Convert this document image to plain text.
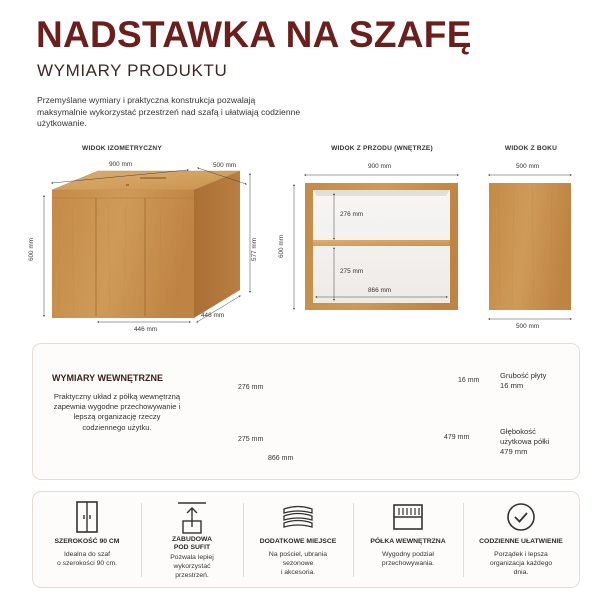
NADSTAWKA NA SZAFĘ
WYMIARY PRODUKTU
Przemyślane wymiary i praktyczna konstrukcja pozwalają maksymalnie wykorzystać przestrzeń nad szafą i ułatwiają codzienne użytkowanie.
WIDOK IZOMETRYCZNY	WIDOK Z PRZODU (WNĘTRZE)	WIDOK Z BOKU
900 mm	500 mm
600 mm	577 mm
446 mm
446 mm
900 mm
600 mm
276 mm
275 mm
866 mm
500 mm
500 mm
WYMIARY WEWNĘTRZNE
Praktyczny układ z półką wewnętrzną zapewnia wygodne przechowywanie i lepszą organizację rzeczy codziennego użytku.
276 mm
275 mm
866 mm
16 mm
479 mm
Grubość płyty
16 mm
Głębokość
użytkowa półki
479 mm
SZEROKOŚĆ 90 CM
Idealna do szaf
o szerokości 90 cm.
ZABUDOWA
POD SUFIT
Pozwala lepiej
wykorzystać
przestrzeń.
DODATKOWE MIEJSCE
Na pościel, ubrania
sezonowe
i akcesoria.
PÓŁKA WEWNĘTRZNA
Wygodny podział
przechowywania.
CODZIENNE UŁATWIENIE
Porządek i lepsza
organizacja każdego
dnia.
